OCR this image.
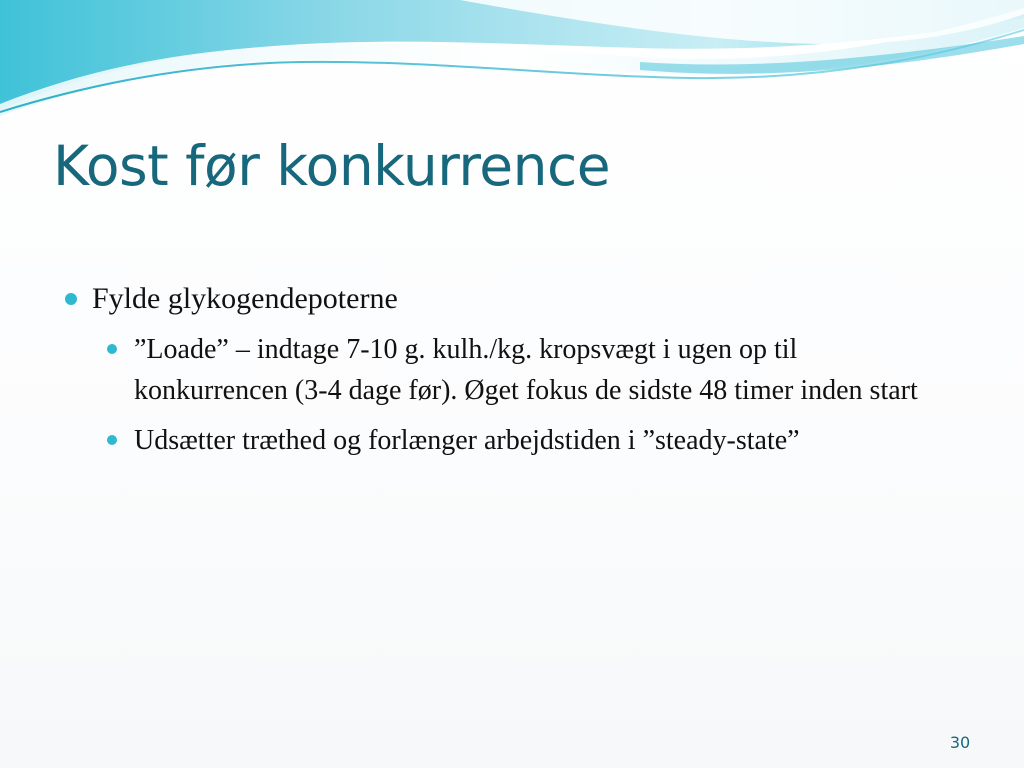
Kost før konkurrence
Fylde glykogendepoterne
”Loade” – indtage 7-10 g. kulh./kg. kropsvægt i ugen op til konkurrencen (3-4 dage før). Øget fokus de sidste 48 timer inden start
Udsætter træthed og forlænger arbejdstiden i ”steady-state”
30
